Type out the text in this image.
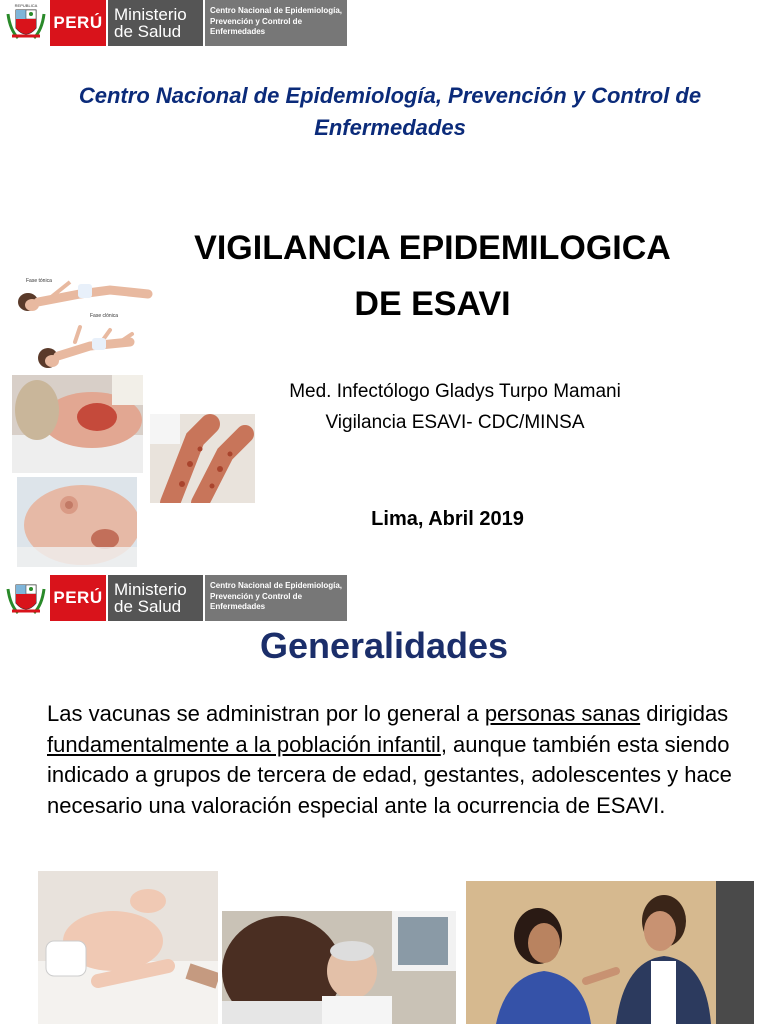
REPUBLICA
PERÚ Ministerio
de Salud
Centro Nacional de Epidemiología,
Prevención y Control de
Enfermedades
Centro Nacional de Epidemiología, Prevención y Control de Enfermedades
VIGILANCIA EPIDEMILOGICA
DE ESAVI
Fase tónica
Fase clónica
Med. Infectólogo Gladys Turpo Mamani
Vigilancia ESAVI- CDC/MINSA
Lima, Abril 2019
PERÚ Ministerio
de Salud
Centro Nacional de Epidemiología,
Prevención y Control de
Enfermedades
Generalidades
Las vacunas se administran por lo general a personas sanas dirigidas fundamentalmente a la población infantil, aunque también esta siendo indicado a grupos de tercera de edad, gestantes, adolescentes y hace necesario una valoración especial ante la ocurrencia de ESAVI.
